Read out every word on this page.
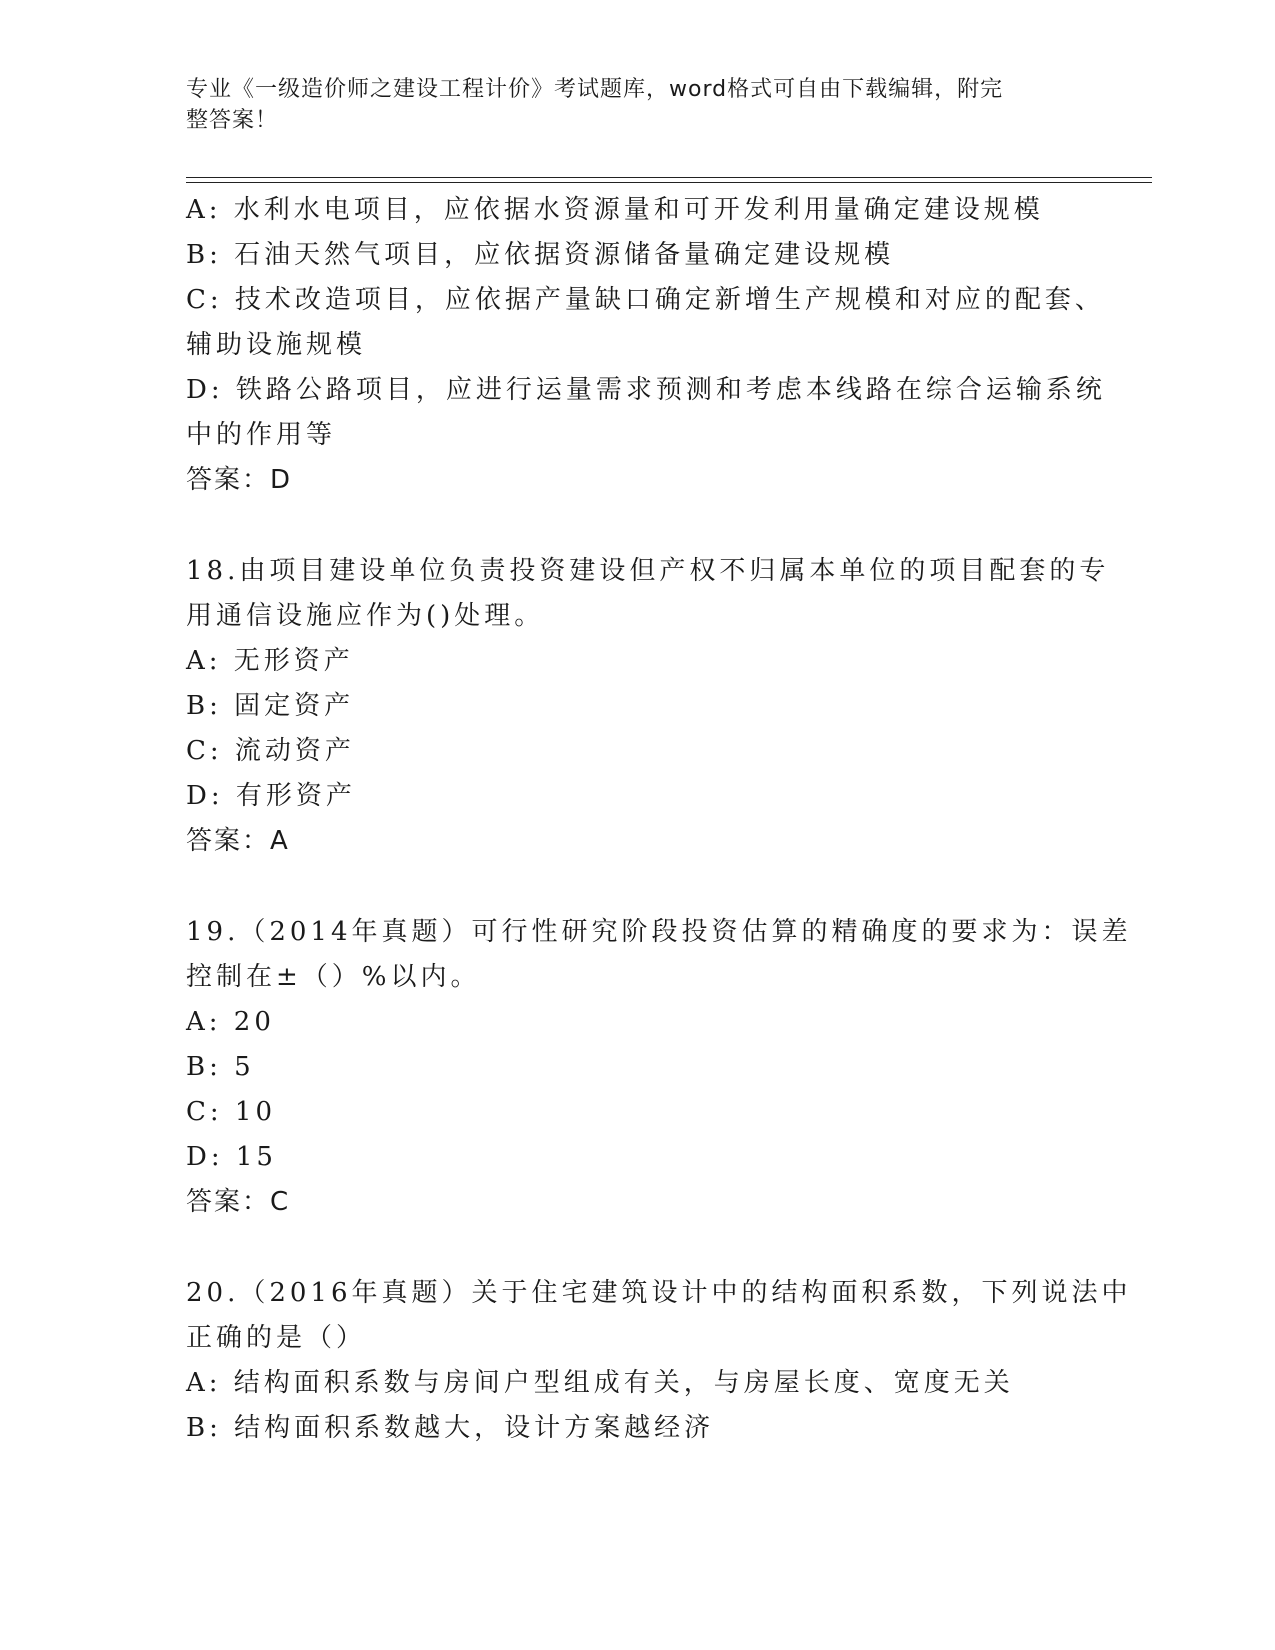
专业《一级造价师之建设工程计价》考试题库，word格式可自由下载编辑，附完
整答案！
A: 水利水电项目，应依据水资源量和可开发利用量确定建设规模
B: 石油天然气项目，应依据资源储备量确定建设规模
C: 技术改造项目，应依据产量缺口确定新增生产规模和对应的配套、
辅助设施规模
D: 铁路公路项目，应进行运量需求预测和考虑本线路在综合运输系统
中的作用等
答案：D
18.由项目建设单位负责投资建设但产权不归属本单位的项目配套的专
用通信设施应作为()处理。
A: 无形资产
B: 固定资产
C: 流动资产
D: 有形资产
答案：A
19.（2014年真题）可行性研究阶段投资估算的精确度的要求为：误差
控制在±（）%以内。
A: 20
B: 5
C: 10
D: 15
答案：C
20.（2016年真题）关于住宅建筑设计中的结构面积系数，下列说法中
正确的是（）
A: 结构面积系数与房间户型组成有关，与房屋长度、宽度无关
B: 结构面积系数越大，设计方案越经济
